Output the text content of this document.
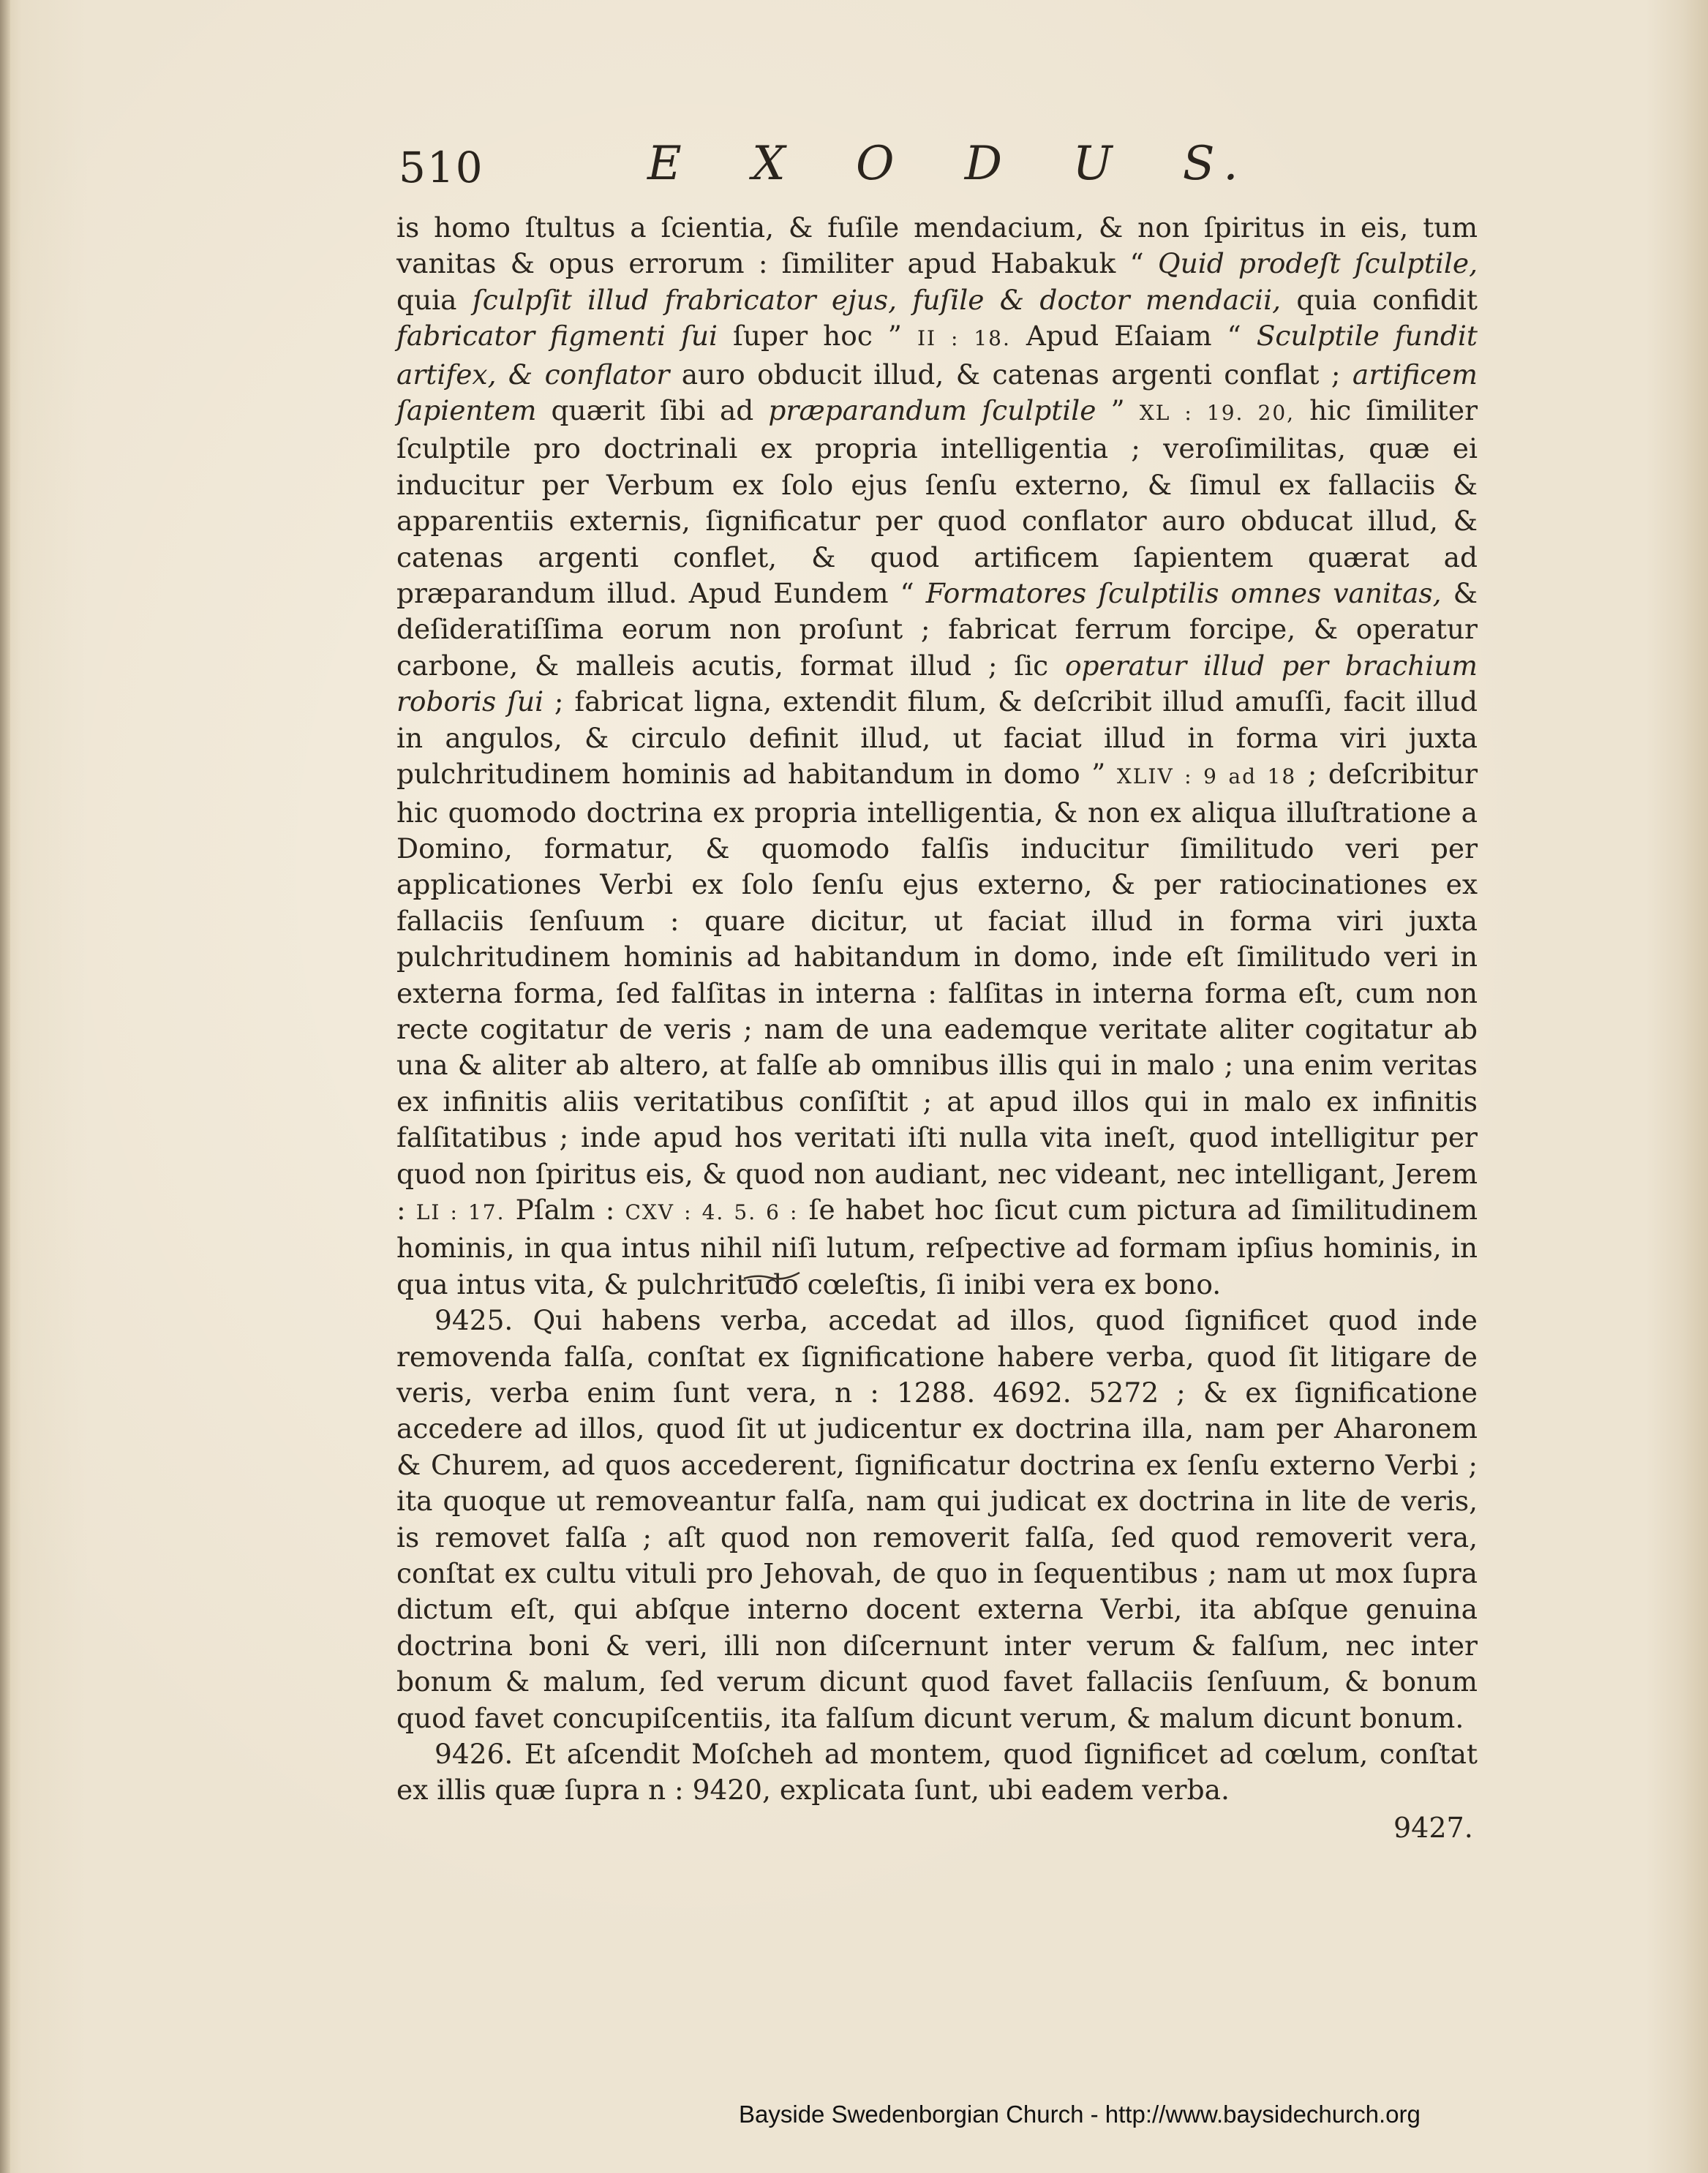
510	E X O D U S.

is homo ſtultus a ſcientia, & fuſile mendacium, & non ſpiritus in eis, tum vanitas & opus errorum : ſimiliter apud Habakuk “ Quid prodeſt ſculptile, quia ſculpſit illud frabricator ejus, fuſile & doctor mendacii, quia confidit fabricator figmenti ſui ſuper hoc ” II : 18. Apud Eſaiam “ Sculptile fundit artifex, & conflator auro obducit illud, & catenas argenti conflat ; artificem ſapientem quærit ſibi ad præparandum ſculptile ” XL : 19. 20, hic ſimiliter ſculptile pro doctrinali ex propria intelligentia ; veroſimilitas, quæ ei inducitur per Verbum ex ſolo ejus ſenſu externo, & ſimul ex fallaciis & apparentiis externis, ſignificatur per quod conflator auro obducat illud, & catenas argenti conflet, & quod artificem ſapientem quærat ad præparandum illud. Apud Eundem “ Formatores ſculptilis omnes vanitas, & deſideratiſſima eorum non proſunt ; fabricat ferrum forcipe, & operatur carbone, & malleis acutis, format illud ; ſic operatur illud per brachium roboris ſui ; fabricat ligna, extendit filum, & deſcribit illud amuſſi, facit illud in angulos, & circulo definit illud, ut faciat illud in forma viri juxta pulchritudinem hominis ad habitandum in domo ” XLIV : 9 ad 18 ; deſcribitur hic quomodo doctrina ex propria intelligentia, & non ex aliqua illuſtratione a Domino, formatur, & quomodo falſis inducitur ſimilitudo veri per applicationes Verbi ex ſolo ſenſu ejus externo, & per ratiocinationes ex fallaciis ſenſuum : quare dicitur, ut faciat illud in forma viri juxta pulchritudinem hominis ad habitandum in domo, inde eſt ſimilitudo veri in externa forma, ſed falſitas in interna : falſitas in interna forma eſt, cum non recte cogitatur de veris ; nam de una eademque veritate aliter cogitatur ab una & aliter ab altero, at falſe ab omnibus illis qui in malo ; una enim veritas ex infinitis aliis veritatibus conſiſtit ; at apud illos qui in malo ex infinitis falſitatibus ; inde apud hos veritati iſti nulla vita ineſt, quod intelligitur per quod non ſpiritus eis, & quod non audiant, nec videant, nec intelligant, Jerem : LI : 17. Pſalm : CXV : 4. 5. 6 : ſe habet hoc ſicut cum pictura ad ſimilitudinem hominis, in qua intus nihil niſi lutum, reſpective ad formam ipſius hominis, in qua intus vita, & pulchritudo cœleſtis, ſi inibi vera ex bono.

9425. Qui habens verba, accedat ad illos, quod ſignificet quod inde removenda falſa, conſtat ex ſignificatione habere verba, quod ſit litigare de veris, verba enim ſunt vera, n : 1288. 4692. 5272 ; & ex ſignificatione accedere ad illos, quod ſit ut judicentur ex doctrina illa, nam per Aharonem & Churem, ad quos accederent, ſignificatur doctrina ex ſenſu externo Verbi ; ita quoque ut removeantur falſa, nam qui judicat ex doctrina in lite de veris, is removet falſa ; aſt quod non removerit falſa, ſed quod removerit vera, conſtat ex cultu vituli pro Jehovah, de quo in ſequentibus ; nam ut mox ſupra dictum eſt, qui abſque interno docent externa Verbi, ita abſque genuina doctrina boni & veri, illi non diſcernunt inter verum & falſum, nec inter bonum & malum, ſed verum dicunt quod favet fallaciis ſenſuum, & bonum quod favet concupiſcentiis, ita falſum dicunt verum, & malum dicunt bonum.

9426. Et aſcendit Moſcheh ad montem, quod ſignificet ad cœlum, conſtat ex illis quæ ſupra n : 9420, explicata ſunt, ubi eadem verba.

9427.
Bayside Swedenborgian Church - http://www.baysidechurch.org
